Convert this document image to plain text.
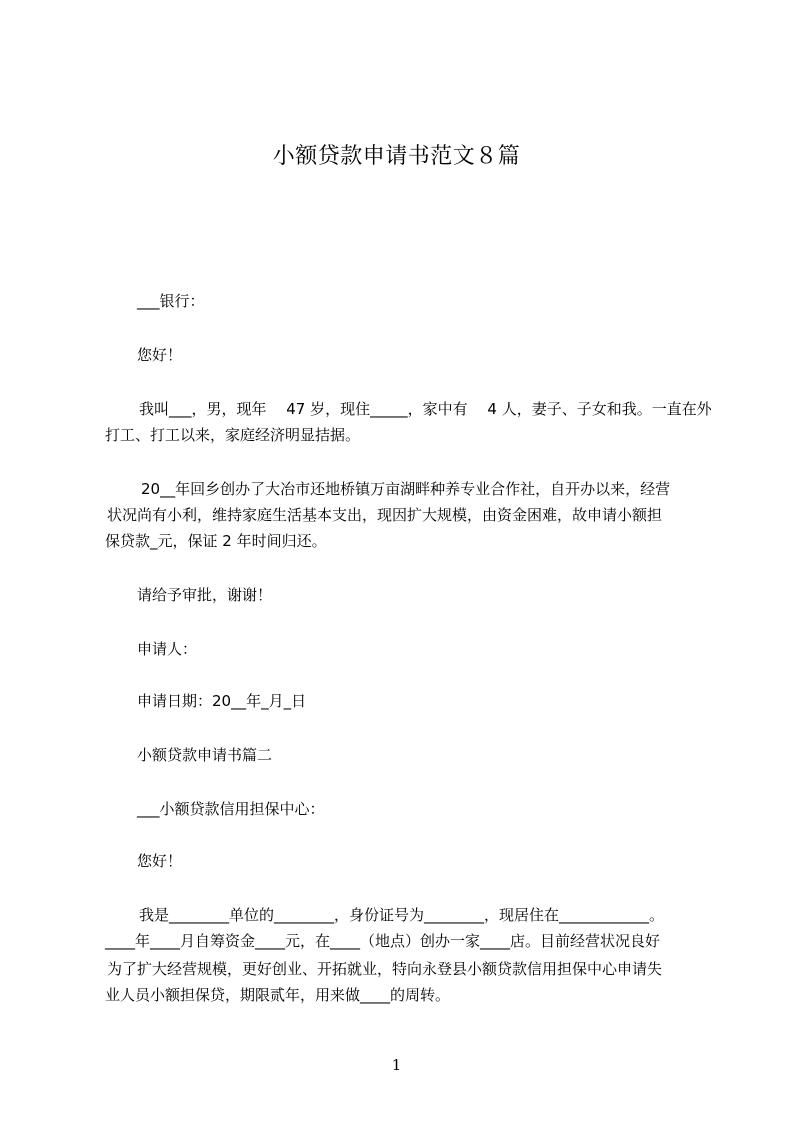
小额贷款申请书范文８篇
___银行：
您好！
我叫___，男，现年　 47 岁，现住_____，家中有　 4 人，妻子、子女和我。一直在外
打工、打工以来，家庭经济明显拮据。
20__年回乡创办了大冶市还地桥镇万亩湖畔种养专业合作社，自开办以来，经营
状况尚有小利，维持家庭生活基本支出，现因扩大规模，由资金困难，故申请小额担
保贷款_元，保证 2 年时间归还。
请给予审批，谢谢！
申请人：
申请日期：20__年_月_日
小额贷款申请书篇二
___小额贷款信用担保中心：
您好！
我是________单位的________，身份证号为________，现居住在____________。
____年____月自筹资金____元，在____（地点）创办一家____店。目前经营状况良好
为了扩大经营规模，更好创业、开拓就业，特向永登县小额贷款信用担保中心申请失
业人员小额担保贷，期限贰年，用来做____的周转。
1
